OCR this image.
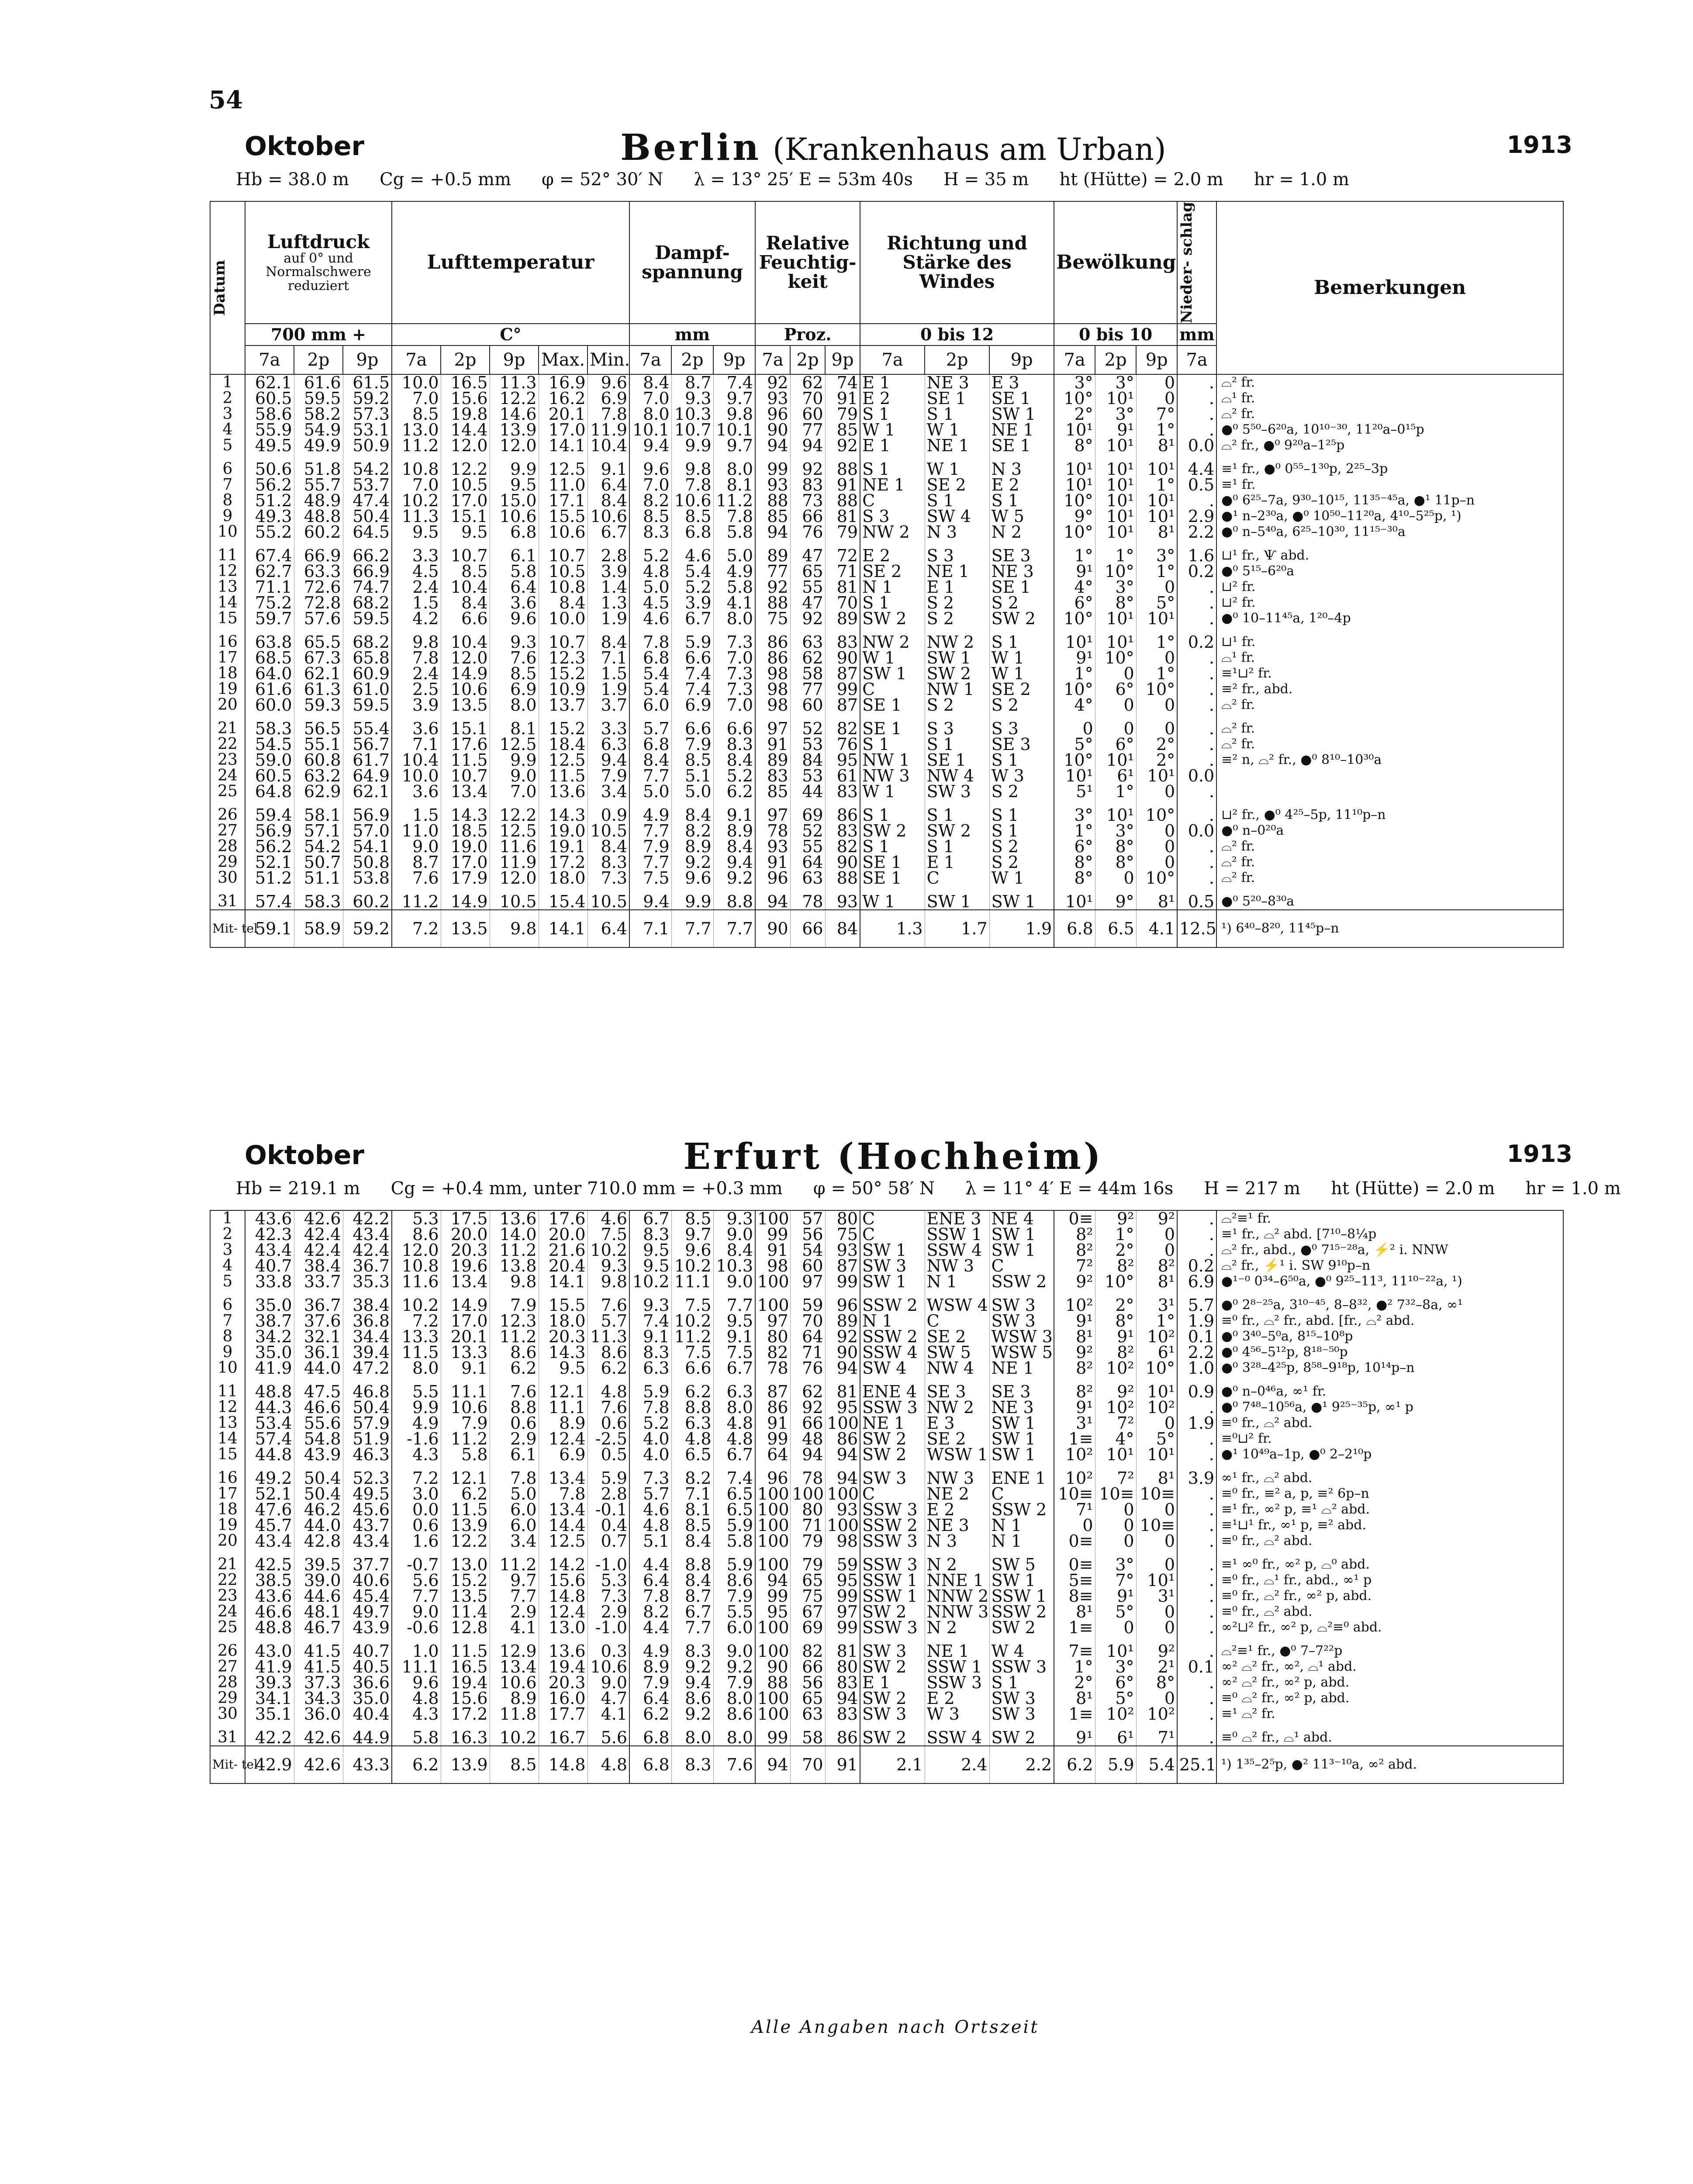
54
Oktober	Berlin (Krankenhaus am Urban)	1913
Hb = 38.0 m Cg = +0.5 mm φ = 52° 30′ N λ = 13° 25′ E = 53m 40s H = 35 m ht (Hütte) = 2.0 m hr = 1.0 m
Datum	Luftdruck
auf 0° und Normalschwere reduziert			Lufttemperatur					Dampf- spannung			Relative Feuchtig- keit			Richtung und Stärke des Windes			Bewölkung			Nieder- schlag	Bemerkungen
	700 mm +			C°					mm			Proz.			0 bis 12			0 bis 10			mm	
	7a	2p	9p	7a	2p	9p	Max.	Min.	7a	2p	9p	7a	2p	9p	7a	2p	9p	7a	2p	9p	7a	
1	62.1	61.6	61.5	10.0	16.5	11.3	16.9	9.6	8.4	8.7	7.4	92	62	74	E 1	NE 3	E 3	3°	3°	0	.	⌓² fr.
2	60.5	59.5	59.2	7.0	15.6	12.2	16.2	6.9	7.0	9.3	9.7	93	70	91	E 2	SE 1	SE 1	10°	10¹	0	.	⌓¹ fr.
3	58.6	58.2	57.3	8.5	19.8	14.6	20.1	7.8	8.0	10.3	9.8	96	60	79	S 1	S 1	SW 1	2°	3°	7°	.	⌓² fr.
4	55.9	54.9	53.1	13.0	14.4	13.9	17.0	11.9	10.1	10.7	10.1	90	77	85	W 1	W 1	NE 1	10¹	9¹	1°	.	●⁰ 5⁵⁰–6²⁰a, 10¹⁰⁻³⁰, 11²⁰a–0¹⁵p
5	49.5	49.9	50.9	11.2	12.0	12.0	14.1	10.4	9.4	9.9	9.7	94	94	92	E 1	NE 1	SE 1	8°	10¹	8¹	0.0	⌓² fr., ●⁰ 9²⁰a–1²⁵p

6	50.6	51.8	54.2	10.8	12.2	9.9	12.5	9.1	9.6	9.8	8.0	99	92	88	S 1	W 1	N 3	10¹	10¹	10¹	4.4	≡¹ fr., ●⁰ 0⁵⁵–1³⁰p, 2²⁵–3p
7	56.2	55.7	53.7	7.0	10.5	9.5	11.0	6.4	7.0	7.8	8.1	93	83	91	NE 1	SE 2	E 2	10¹	10¹	1°	0.5	≡¹ fr.
8	51.2	48.9	47.4	10.2	17.0	15.0	17.1	8.4	8.2	10.6	11.2	88	73	88	C	S 1	S 1	10°	10¹	10¹	.	●⁰ 6²⁵–7a, 9³⁰–10¹⁵, 11³⁵⁻⁴⁵a, ●¹ 11p–n
9	49.3	48.8	50.4	11.3	15.1	10.6	15.5	10.6	8.5	8.5	7.8	85	66	81	S 3	SW 4	W 5	9°	10¹	10¹	2.9	●¹ n–2³⁰a, ●⁰ 10⁵⁰–11²⁰a, 4¹⁰–5²⁵p, ¹)
10	55.2	60.2	64.5	9.5	9.5	6.8	10.6	6.7	8.3	6.8	5.8	94	76	79	NW 2	N 3	N 2	10°	10¹	8¹	2.2	●⁰ n–5⁴⁰a, 6²⁵–10³⁰, 11¹⁵⁻³⁰a

11	67.4	66.9	66.2	3.3	10.7	6.1	10.7	2.8	5.2	4.6	5.0	89	47	72	E 2	S 3	SE 3	1°	1°	3°	1.6	⊔¹ fr., Ѱ abd.
12	62.7	63.3	66.9	4.5	8.5	5.8	10.5	3.9	4.8	5.4	4.9	77	65	71	SE 2	NE 1	NE 3	9¹	10°	1°	0.2	●⁰ 5¹⁵–6²⁰a
13	71.1	72.6	74.7	2.4	10.4	6.4	10.8	1.4	5.0	5.2	5.8	92	55	81	N 1	E 1	SE 1	4°	3°	0	.	⊔² fr.
14	75.2	72.8	68.2	1.5	8.4	3.6	8.4	1.3	4.5	3.9	4.1	88	47	70	S 1	S 2	S 2	6°	8°	5°	.	⊔² fr.
15	59.7	57.6	59.5	4.2	6.6	9.6	10.0	1.9	4.6	6.7	8.0	75	92	89	SW 2	S 2	SW 2	10°	10¹	10¹	.	●⁰ 10–11⁴⁵a, 1²⁰–4p

16	63.8	65.5	68.2	9.8	10.4	9.3	10.7	8.4	7.8	5.9	7.3	86	63	83	NW 2	NW 2	S 1	10¹	10¹	1°	0.2	⊔¹ fr.
17	68.5	67.3	65.8	7.8	12.0	7.6	12.3	7.1	6.8	6.6	7.0	86	62	90	W 1	SW 1	W 1	9¹	10°	0	.	⌓¹ fr.
18	64.0	62.1	60.9	2.4	14.9	8.5	15.2	1.5	5.4	7.4	7.3	98	58	87	SW 1	SW 2	W 1	1°	0	1°	.	≡¹⊔² fr.
19	61.6	61.3	61.0	2.5	10.6	6.9	10.9	1.9	5.4	7.4	7.3	98	77	99	C	NW 1	SE 2	10°	6°	10°	.	≡² fr., abd.
20	60.0	59.3	59.5	3.9	13.5	8.0	13.7	3.7	6.0	6.9	7.0	98	60	87	SE 1	S 2	S 2	4°	0	0	.	⌓² fr.

21	58.3	56.5	55.4	3.6	15.1	8.1	15.2	3.3	5.7	6.6	6.6	97	52	82	SE 1	S 3	S 3	0	0	0	.	⌓² fr.
22	54.5	55.1	56.7	7.1	17.6	12.5	18.4	6.3	6.8	7.9	8.3	91	53	76	S 1	S 1	SE 3	5°	6°	2°	.	⌓² fr.
23	59.0	60.8	61.7	10.4	11.5	9.9	12.5	9.4	8.4	8.5	8.4	89	84	95	NW 1	SE 1	S 1	10°	10¹	2°	.	≡² n, ⌓² fr., ●⁰ 8¹⁰–10³⁰a
24	60.5	63.2	64.9	10.0	10.7	9.0	11.5	7.9	7.7	5.1	5.2	83	53	61	NW 3	NW 4	W 3	10¹	6¹	10¹	0.0	
25	64.8	62.9	62.1	3.6	13.4	7.0	13.6	3.4	5.0	5.0	6.2	85	44	83	W 1	SW 3	S 2	5¹	1°	0	.	

26	59.4	58.1	56.9	1.5	14.3	12.2	14.3	0.9	4.9	8.4	9.1	97	69	86	S 1	S 1	S 1	3°	10¹	10°	.	⊔² fr., ●⁰ 4²⁵–5p, 11¹⁰p–n
27	56.9	57.1	57.0	11.0	18.5	12.5	19.0	10.5	7.7	8.2	8.9	78	52	83	SW 2	SW 2	S 1	1°	3°	0	0.0	●⁰ n–0²⁰a
28	56.2	54.2	54.1	9.0	19.0	11.6	19.1	8.4	7.9	8.9	8.4	93	55	82	S 1	S 1	S 2	6°	8°	0	.	⌓² fr.
29	52.1	50.7	50.8	8.7	17.0	11.9	17.2	8.3	7.7	9.2	9.4	91	64	90	SE 1	E 1	S 2	8°	8°	0	.	⌓² fr.
30	51.2	51.1	53.8	7.6	17.9	12.0	18.0	7.3	7.5	9.6	9.2	96	63	88	SE 1	C	W 1	8°	0	10°	.	⌓² fr.

31	57.4	58.3	60.2	11.2	14.9	10.5	15.4	10.5	9.4	9.9	8.8	94	78	93	W 1	SW 1	SW 1	10¹	9°	8¹	0.5	●⁰ 5²⁰–8³⁰a
Mit- tel	59.1	58.9	59.2	7.2	13.5	9.8	14.1	6.4	7.1	7.7	7.7	90	66	84	1.3	1.7	1.9	6.8	6.5	4.1	12.5	¹) 6⁴⁰–8²⁰, 11⁴⁵p–n
Oktober	Erfurt (Hochheim)	1913
Hb = 219.1 m Cg = +0.4 mm, unter 710.0 mm = +0.3 mm φ = 50° 58′ N λ = 11° 4′ E = 44m 16s H = 217 m ht (Hütte) = 2.0 m hr = 1.0 m
1	43.6	42.6	42.2	5.3	17.5	13.6	17.6	4.6	6.7	8.5	9.3	100	57	80	C	ENE 3	NE 4	0≡	9²	9²	.	⌓²≡¹ fr.
2	42.3	42.4	43.4	8.6	20.0	14.0	20.0	7.5	8.3	9.7	9.0	99	56	75	C	SSW 1	SW 1	8²	1°	0	.	≡¹ fr., ⌓² abd. [7¹⁰–8¼p
3	43.4	42.4	42.4	12.0	20.3	11.2	21.6	10.2	9.5	9.6	8.4	91	54	93	SW 1	SSW 4	SW 1	8²	2°	0	.	⌓² fr., abd., ●⁰ 7¹⁵⁻²⁸a, ⚡² i. NNW
4	40.7	38.4	36.7	10.8	19.6	13.8	20.4	9.3	9.5	10.2	10.3	98	60	87	SW 3	NW 3	C	7²	8²	8²	0.2	⌓² fr., ⚡¹ i. SW 9¹⁰p–n
5	33.8	33.7	35.3	11.6	13.4	9.8	14.1	9.8	10.2	11.1	9.0	100	97	99	SW 1	N 1	SSW 2	9²	10°	8¹	6.9	●¹⁻⁰ 0³⁴–6⁵⁰a, ●⁰ 9²⁵–11³, 11¹⁰⁻²²a, ¹)

6	35.0	36.7	38.4	10.2	14.9	7.9	15.5	7.6	9.3	7.5	7.7	100	59	96	SSW 2	WSW 4	SW 3	10²	2°	3¹	5.7	●⁰ 2⁸⁻²⁵a, 3¹⁰⁻⁴⁵, 8–8³², ●² 7³²–8a, ∞¹
7	38.7	37.6	36.8	7.2	17.0	12.3	18.0	5.7	7.4	10.2	9.5	97	70	89	N 1	C	SW 3	9¹	8°	1°	1.9	≡⁰ fr., ⌓² fr., abd. [fr., ⌓² abd.
8	34.2	32.1	34.4	13.3	20.1	11.2	20.3	11.3	9.1	11.2	9.1	80	64	92	SSW 2	SE 2	WSW 3	8¹	9¹	10²	0.1	●⁰ 3⁴⁰–5⁰a, 8¹⁵–10⁸p
9	35.0	36.1	39.4	11.5	13.3	8.6	14.3	8.6	8.3	7.5	7.5	82	71	90	SSW 4	SW 5	WSW 5	9²	8²	6¹	2.2	●⁰ 4⁵⁶–5¹²p, 8¹⁸⁻⁵⁰p
10	41.9	44.0	47.2	8.0	9.1	6.2	9.5	6.2	6.3	6.6	6.7	78	76	94	SW 4	NW 4	NE 1	8²	10²	10°	1.0	●⁰ 3²⁸–4²⁵p, 8⁵⁸–9¹⁸p, 10¹⁴p–n

11	48.8	47.5	46.8	5.5	11.1	7.6	12.1	4.8	5.9	6.2	6.3	87	62	81	ENE 4	SE 3	SE 3	8²	9²	10¹	0.9	●⁰ n–0⁴⁶a, ∞¹ fr.
12	44.3	46.6	50.4	9.9	10.6	8.8	11.1	7.6	7.8	8.8	8.0	86	92	95	SSW 3	NW 2	NE 3	9¹	10²	10²	.	●⁰ 7⁴⁸–10⁵⁶a, ●¹ 9²⁵⁻³⁵p, ∞¹ p
13	53.4	55.6	57.9	4.9	7.9	0.6	8.9	0.6	5.2	6.3	4.8	91	66	100	NE 1	E 3	SW 1	3¹	7²	0	1.9	≡⁰ fr., ⌓² abd.
14	57.4	54.8	51.9	-1.6	11.2	2.9	12.4	-2.5	4.0	4.8	4.8	99	48	86	SW 2	SE 2	SW 1	1≡	4°	5°	.	≡⁰⊔² fr.
15	44.8	43.9	46.3	4.3	5.8	6.1	6.9	0.5	4.0	6.5	6.7	64	94	94	SW 2	WSW 1	SW 1	10²	10¹	10¹	.	●¹ 10⁴⁹a–1p, ●⁰ 2–2¹⁰p

16	49.2	50.4	52.3	7.2	12.1	7.8	13.4	5.9	7.3	8.2	7.4	96	78	94	SW 3	NW 3	ENE 1	10²	7²	8¹	3.9	∞¹ fr., ⌓² abd.
17	52.1	50.4	49.5	3.0	6.2	5.0	7.8	2.8	5.7	7.1	6.5	100	100	100	C	NE 2	C	10≡	10≡	10≡	.	≡⁰ fr., ≡² a, p, ≡² 6p–n
18	47.6	46.2	45.6	0.0	11.5	6.0	13.4	-0.1	4.6	8.1	6.5	100	80	93	SSW 3	E 2	SSW 2	7¹	0	0	.	≡¹ fr., ∞² p, ≡¹ ⌓² abd.
19	45.7	44.0	43.7	0.6	13.9	6.0	14.4	0.4	4.8	8.5	5.9	100	71	100	SSW 2	NE 3	N 1	0	0	10≡	.	≡¹⊔¹ fr., ∞¹ p, ≡² abd.
20	43.4	42.8	43.4	1.6	12.2	3.4	12.5	0.7	5.1	8.4	5.8	100	79	98	SSW 3	N 3	N 1	0≡	0	0	.	≡⁰ fr., ⌓² abd.

21	42.5	39.5	37.7	-0.7	13.0	11.2	14.2	-1.0	4.4	8.8	5.9	100	79	59	SSW 3	N 2	SW 5	0≡	3°	0	.	≡¹ ∞⁰ fr., ∞² p, ⌓⁰ abd.
22	38.5	39.0	40.6	5.6	15.2	9.7	15.6	5.3	6.4	8.4	8.6	94	65	95	SSW 1	NNE 1	SW 1	5≡	7°	10¹	.	≡⁰ fr., ⌓¹ fr., abd., ∞¹ p
23	43.6	44.6	45.4	7.7	13.5	7.7	14.8	7.3	7.8	8.7	7.9	99	75	99	SSW 1	NNW 2	SSW 1	8≡	9¹	3¹	.	≡⁰ fr., ⌓² fr., ∞² p, abd.
24	46.6	48.1	49.7	9.0	11.4	2.9	12.4	2.9	8.2	6.7	5.5	95	67	97	SW 2	NNW 3	SSW 2	8¹	5°	0	.	≡⁰ fr., ⌓² abd.
25	48.8	46.7	43.9	-0.6	12.8	4.1	13.0	-1.0	4.4	7.7	6.0	100	69	99	SSW 3	N 2	SW 2	1≡	0	0	.	∞²⊔² fr., ∞² p, ⌓²≡⁰ abd.

26	43.0	41.5	40.7	1.0	11.5	12.9	13.6	0.3	4.9	8.3	9.0	100	82	81	SW 3	NE 1	W 4	7≡	10¹	9²	.	⌓²≡¹ fr., ●⁰ 7–7²²p
27	41.9	41.5	40.5	11.1	16.5	13.4	19.4	10.6	8.9	9.2	9.2	90	66	80	SW 2	SSW 1	SSW 3	1°	3°	2¹	0.1	∞² ⌓² fr., ∞², ⌓¹ abd.
28	39.3	37.3	36.6	9.6	19.4	10.6	20.3	9.0	7.9	9.4	7.9	88	56	83	E 1	SSW 3	S 1	2°	6°	8°	.	∞² ⌓² fr., ∞² p, abd.
29	34.1	34.3	35.0	4.8	15.6	8.9	16.0	4.7	6.4	8.6	8.0	100	65	94	SW 2	E 2	SW 3	8¹	5°	0	.	≡⁰ ⌓² fr., ∞² p, abd.
30	35.1	36.0	40.4	4.3	17.2	11.8	17.7	4.1	6.2	9.2	8.6	100	63	83	SW 3	W 3	SW 3	1≡	10²	10²	.	≡¹ ⌓² fr.

31	42.2	42.6	44.9	5.8	16.3	10.2	16.7	5.6	6.8	8.0	8.0	99	58	86	SW 2	SSW 4	SW 2	9¹	6¹	7¹	.	≡⁰ ⌓² fr., ⌓¹ abd.
Mit- tel	42.9	42.6	43.3	6.2	13.9	8.5	14.8	4.8	6.8	8.3	7.6	94	70	91	2.1	2.4	2.2	6.2	5.9	5.4	25.1	¹) 1³⁵–2⁵p, ●² 11³⁻¹⁰a, ∞² abd.
Alle Angaben nach Ortszeit
